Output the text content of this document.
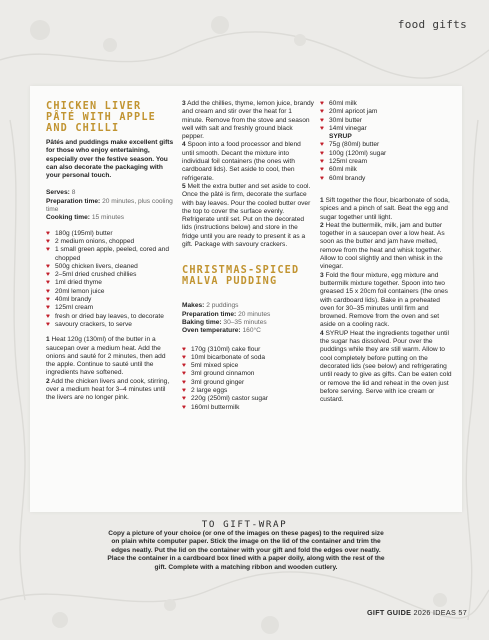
food gifts
CHICKEN LIVER PÂTÉ WITH APPLE AND CHILLI
Pâtés and puddings make excellent gifts for those who enjoy entertaining, especially over the festive season. You can also decorate the packaging with your personal touch.

Serves: 8

Preparation time: 20 minutes, plus cooling time

Cooking time: 15 minutes

♥ 180g (195ml) butter
♥ 2 medium onions, chopped
♥ 1 small green apple, peeled, cored and chopped
♥ 500g chicken livers, cleaned
♥ 2–5ml dried crushed chillies
♥ 1ml dried thyme
♥ 20ml lemon juice
♥ 40ml brandy
♥ 125ml cream
♥ fresh or dried bay leaves, to decorate
♥ savoury crackers, to serve

1 Heat 120g (130ml) of the butter in a saucepan over a medium heat. Add the onions and sauté for 2 minutes, then add the apple. Continue to sauté until the ingredients have softened.

2 Add the chicken livers and cook, stirring, over a medium heat for 3–4 minutes until the livers are no longer pink.

3 Add the chillies, thyme, lemon juice, brandy and cream and stir over the heat for 1 minute. Remove from the stove and season well with salt and freshly ground black pepper.

4 Spoon into a food processor and blend until smooth. Decant the mixture into individual foil containers (the ones with cardboard lids). Set aside to cool, then refrigerate.

5 Melt the extra butter and set aside to cool. Once the pâté is firm, decorate the surface with bay leaves. Pour the cooled butter over the top to cover the surface evenly. Refrigerate until set. Put on the decorated lids (instructions below) and store in the fridge until you are ready to present it as a gift. Package with savoury crackers.

CHRISTMAS-SPICED MALVA PUDDING

Makes: 2 puddings

Preparation time: 20 minutes

Baking time: 30–35 minutes

Oven temperature: 160°C

♥ 170g (310ml) cake flour
♥ 10ml bicarbonate of soda
♥ 5ml mixed spice
♥ 3ml ground cinnamon
♥ 3ml ground ginger
♥ 2 large eggs
♥ 220g (250ml) castor sugar
♥ 160ml buttermilk
♥ 60ml milk
♥ 20ml apricot jam
♥ 30ml butter
♥ 14ml vinegar
SYRUP
♥ 75g (80ml) butter
♥ 100g (120ml) sugar
♥ 125ml cream
♥ 60ml milk
♥ 60ml brandy

1 Sift together the flour, bicarbonate of soda, spices and a pinch of salt. Beat the egg and sugar together until light.

2 Heat the buttermilk, milk, jam and butter together in a saucepan over a low heat. As soon as the butter and jam have melted, remove from the heat and whisk together. Allow to cool slightly and then whisk in the vinegar.

3 Fold the flour mixture, egg mixture and buttermilk mixture together. Spoon into two greased 15 x 20cm foil containers (the ones with cardboard lids). Bake in a preheated oven for 30–35 minutes until firm and browned. Remove from the oven and set aside on a cooling rack.

4 SYRUP Heat the ingredients together until the sugar has dissolved. Pour over the puddings while they are still warm. Allow to cool completely before putting on the decorated lids (see below) and refrigerating until ready to give as gifts. Can be eaten cold or remove the lid and reheat in the oven just before serving. Serve with ice cream or custard.

TO GIFT-WRAP
Copy a picture of your choice (or one of the images on these pages) to the required size on plain white computer paper. Stick the image on the lid of the container and trim the edges neatly. Put the lid on the container with your gift and fold the edges over neatly. Place the container in a cardboard box lined with a paper doily, along with the rest of the gift. Complete with a matching ribbon and wooden cutlery.
GIFT GUIDE 2026 IDEAS 57
